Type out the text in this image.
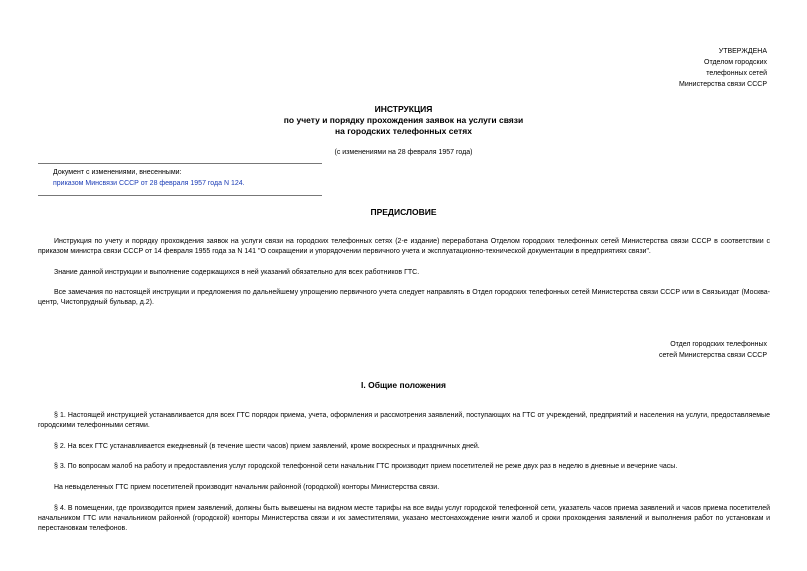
УТВЕРЖДЕНА
Отделом городских
телефонных сетей
Министерства связи СССР
ИНСТРУКЦИЯ
по учету и порядку прохождения заявок на услуги связи
на городских телефонных сетях
(с изменениями на 28 февраля 1957 года)
Документ с изменениями, внесенными:
приказом Минсвязи СССР от 28 февраля 1957 года N 124.
ПРЕДИСЛОВИЕ
Инструкция по учету и порядку прохождения заявок на услуги связи на городских телефонных сетях (2-е издание) переработана Отделом городских телефонных сетей Министерства связи СССР в соответствии с приказом министра связи СССР от 14 февраля 1955 года за N 141 "О сокращении и упорядочении первичного учета и эксплуатационно-технической документации в предприятиях связи".
Знание данной инструкции и выполнение содержащихся в ней указаний обязательно для всех работников ГТС.
Все замечания по настоящей инструкции и предложения по дальнейшему упрощению первичного учета следует направлять в Отдел городских телефонных сетей Министерства связи СССР или в Связьиздат (Москва-центр, Чистопрудный бульвар, д.2).
Отдел городских телефонных
сетей Министерства связи СССР
I. Общие положения
§ 1. Настоящей инструкцией устанавливается для всех ГТС порядок приема, учета, оформления и рассмотрения заявлений, поступающих на ГТС от учреждений, предприятий и населения на услуги, предоставляемые городскими телефонными сетями.
§ 2. На всех ГТС устанавливается ежедневный (в течение шести часов) прием заявлений, кроме воскресных и праздничных дней.
§ 3. По вопросам жалоб на работу и предоставления услуг городской телефонной сети начальник ГТС производит прием посетителей не реже двух раз в неделю в дневные и вечерние часы.
На невыделенных ГТС прием посетителей производит начальник районной (городской) конторы Министерства связи.
§ 4. В помещении, где производится прием заявлений, должны быть вывешены на видном месте тарифы на все виды услуг городской телефонной сети, указатель часов приема заявлений и часов приема посетителей начальником ГТС или начальником районной (городской) конторы Министерства связи и их заместителями, указано местонахождение книги жалоб и сроки прохождения заявлений и выполнения работ по установкам и перестановкам телефонов.
